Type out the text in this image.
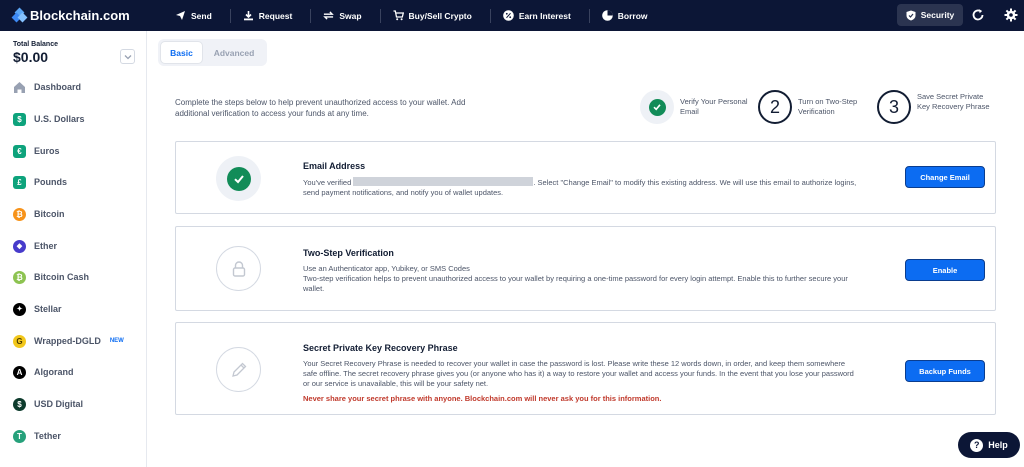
Blockchain.com	Send	Request	Swap	Buy/Sell Crypto	Earn Interest	Borrow	Security
Total Balance
$0.00
Dashboard
$	U.S. Dollars
€	Euros
£	Pounds
₿	Bitcoin
◆	Ether
₿	Bitcoin Cash
✦	Stellar
G	Wrapped-DGLD NEW
A	Algorand
$	USD Digital
T	Tether
Basic	Advanced
Complete the steps below to help prevent unauthorized access to your wallet. Add additional verification to access your funds at any time.
Verify Your Personal Email	2	Turn on Two-Step Verification	3	Save Secret Private Key Recovery Phrase
Email Address
You've verified	. Select "Change Email" to modify this existing address. We will use this email to authorize logins, send payment notifications, and notify you of wallet updates.
Change Email
Two-Step Verification
Use an Authenticator app, Yubikey, or SMS Codes
Two-step verification helps to prevent unauthorized access to your wallet by requiring a one-time password for every login attempt. Enable this to further secure your wallet.
Enable
Secret Private Key Recovery Phrase
Your Secret Recovery Phrase is needed to recover your wallet in case the password is lost. Please write these 12 words down, in order, and keep them somewhere safe offline. The secret recovery phrase gives you (or anyone who has it) a way to restore your wallet and access your funds. In the event that you lose your password or our service is unavailable, this will be your safety net.
Never share your secret phrase with anyone. Blockchain.com will never ask you for this information.
Backup Funds
? Help
